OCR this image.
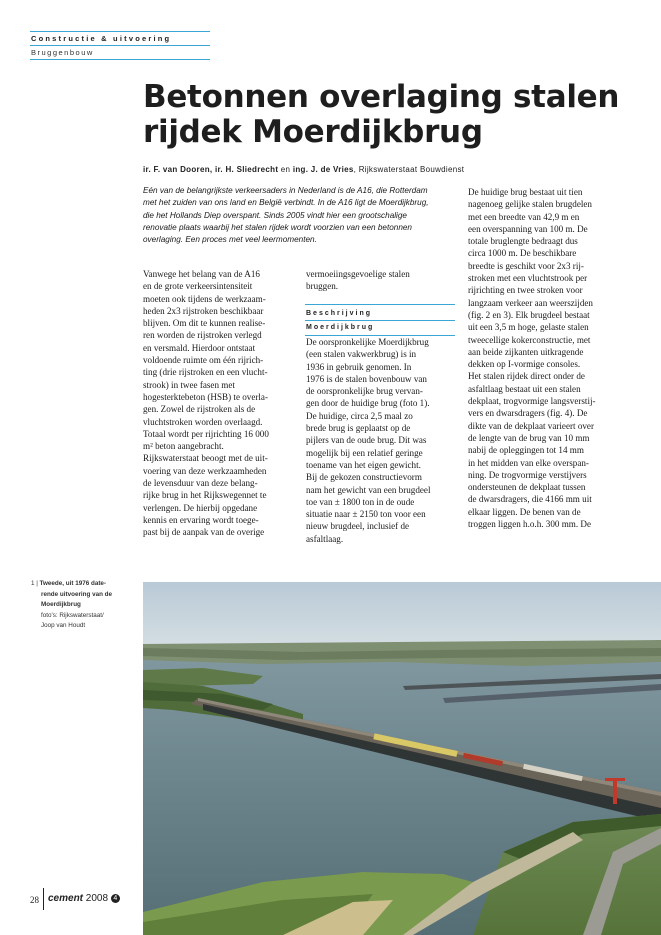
Constructie & uitvoering
Bruggenbouw
Betonnen overlaging stalen
rijdek Moerdijkbrug
ir. F. van Dooren, ir. H. Sliedrecht en ing. J. de Vries, Rijkswaterstaat Bouwdienst
Eén van de belangrijkste verkeersaders in Nederland is de A16, die Rotterdam
met het zuiden van ons land en België verbindt. In de A16 ligt de Moerdijkbrug,
die het Hollands Diep overspant. Sinds 2005 vindt hier een grootschalige
renovatie plaats waarbij het stalen rijdek wordt voorzien van een betonnen
overlaging. Een proces met veel leermomenten.
Vanwege het belang van de A16
en de grote verkeersintensiteit
moeten ook tijdens de werkzaam-
heden 2x3 rijstroken beschikbaar
blijven. Om dit te kunnen realise-
ren worden de rijstroken verlegd
en versmald. Hierdoor ontstaat
voldoende ruimte om één rijrich-
ting (drie rijstroken en een vlucht-
strook) in twee fasen met
hogesterktebeton (HSB) te overla-
gen. Zowel de rijstroken als de
vluchtstroken worden overlaagd.
Totaal wordt per rijrichting 16 000
m² beton aangebracht.
Rijkswaterstaat beoogt met de uit-
voering van deze werkzaamheden
de levensduur van deze belang-
rijke brug in het Rijkswegennet te
verlengen. De hierbij opgedane
kennis en ervaring wordt toege-
past bij de aanpak van de overige
vermoeiingsgevoelige stalen
bruggen.
Beschrijving
Moerdijkbrug
De oorspronkelijke Moerdijkbrug
(een stalen vakwerkbrug) is in
1936 in gebruik genomen. In
1976 is de stalen bovenbouw van
de oorspronkelijke brug vervan-
gen door de huidige brug (foto 1).
De huidige, circa 2,5 maal zo
brede brug is geplaatst op de
pijlers van de oude brug. Dit was
mogelijk bij een relatief geringe
toename van het eigen gewicht.
Bij de gekozen constructievorm
nam het gewicht van een brugdeel
toe van ± 1800 ton in de oude
situatie naar ± 2150 ton voor een
nieuw brugdeel, inclusief de
asfaltlaag.
De huidige brug bestaat uit tien
nagenoeg gelijke stalen brugdelen
met een breedte van 42,9 m en
een overspanning van 100 m. De
totale bruglengte bedraagt dus
circa 1000 m. De beschikbare
breedte is geschikt voor 2x3 rij-
stroken met een vluchtstrook per
rijrichting en twee stroken voor
langzaam verkeer aan weerszijden
(fig. 2 en 3). Elk brugdeel bestaat
uit een 3,5 m hoge, gelaste stalen
tweecellige kokerconstructie, met
aan beide zijkanten uitkragende
dekken op I-vormige consoles.
Het stalen rijdek direct onder de
asfaltlaag bestaat uit een stalen
dekplaat, trogvormige langsverstij-
vers en dwarsdragers (fig. 4). De
dikte van de dekplaat varieert over
de lengte van de brug van 10 mm
nabij de opleggingen tot 14 mm
in het midden van elke overspan-
ning. De trogvormige verstijvers
ondersteunen de dekplaat tussen
de dwarsdragers, die 4166 mm uit
elkaar liggen. De benen van de
troggen liggen h.o.h. 300 mm. De
1 | Tweede, uit 1976 date-
rende uitvoering van de
Moerdijkbrug
foto's: Rijkswaterstaat/
Joop van Houdt
28 cement 2008 4
